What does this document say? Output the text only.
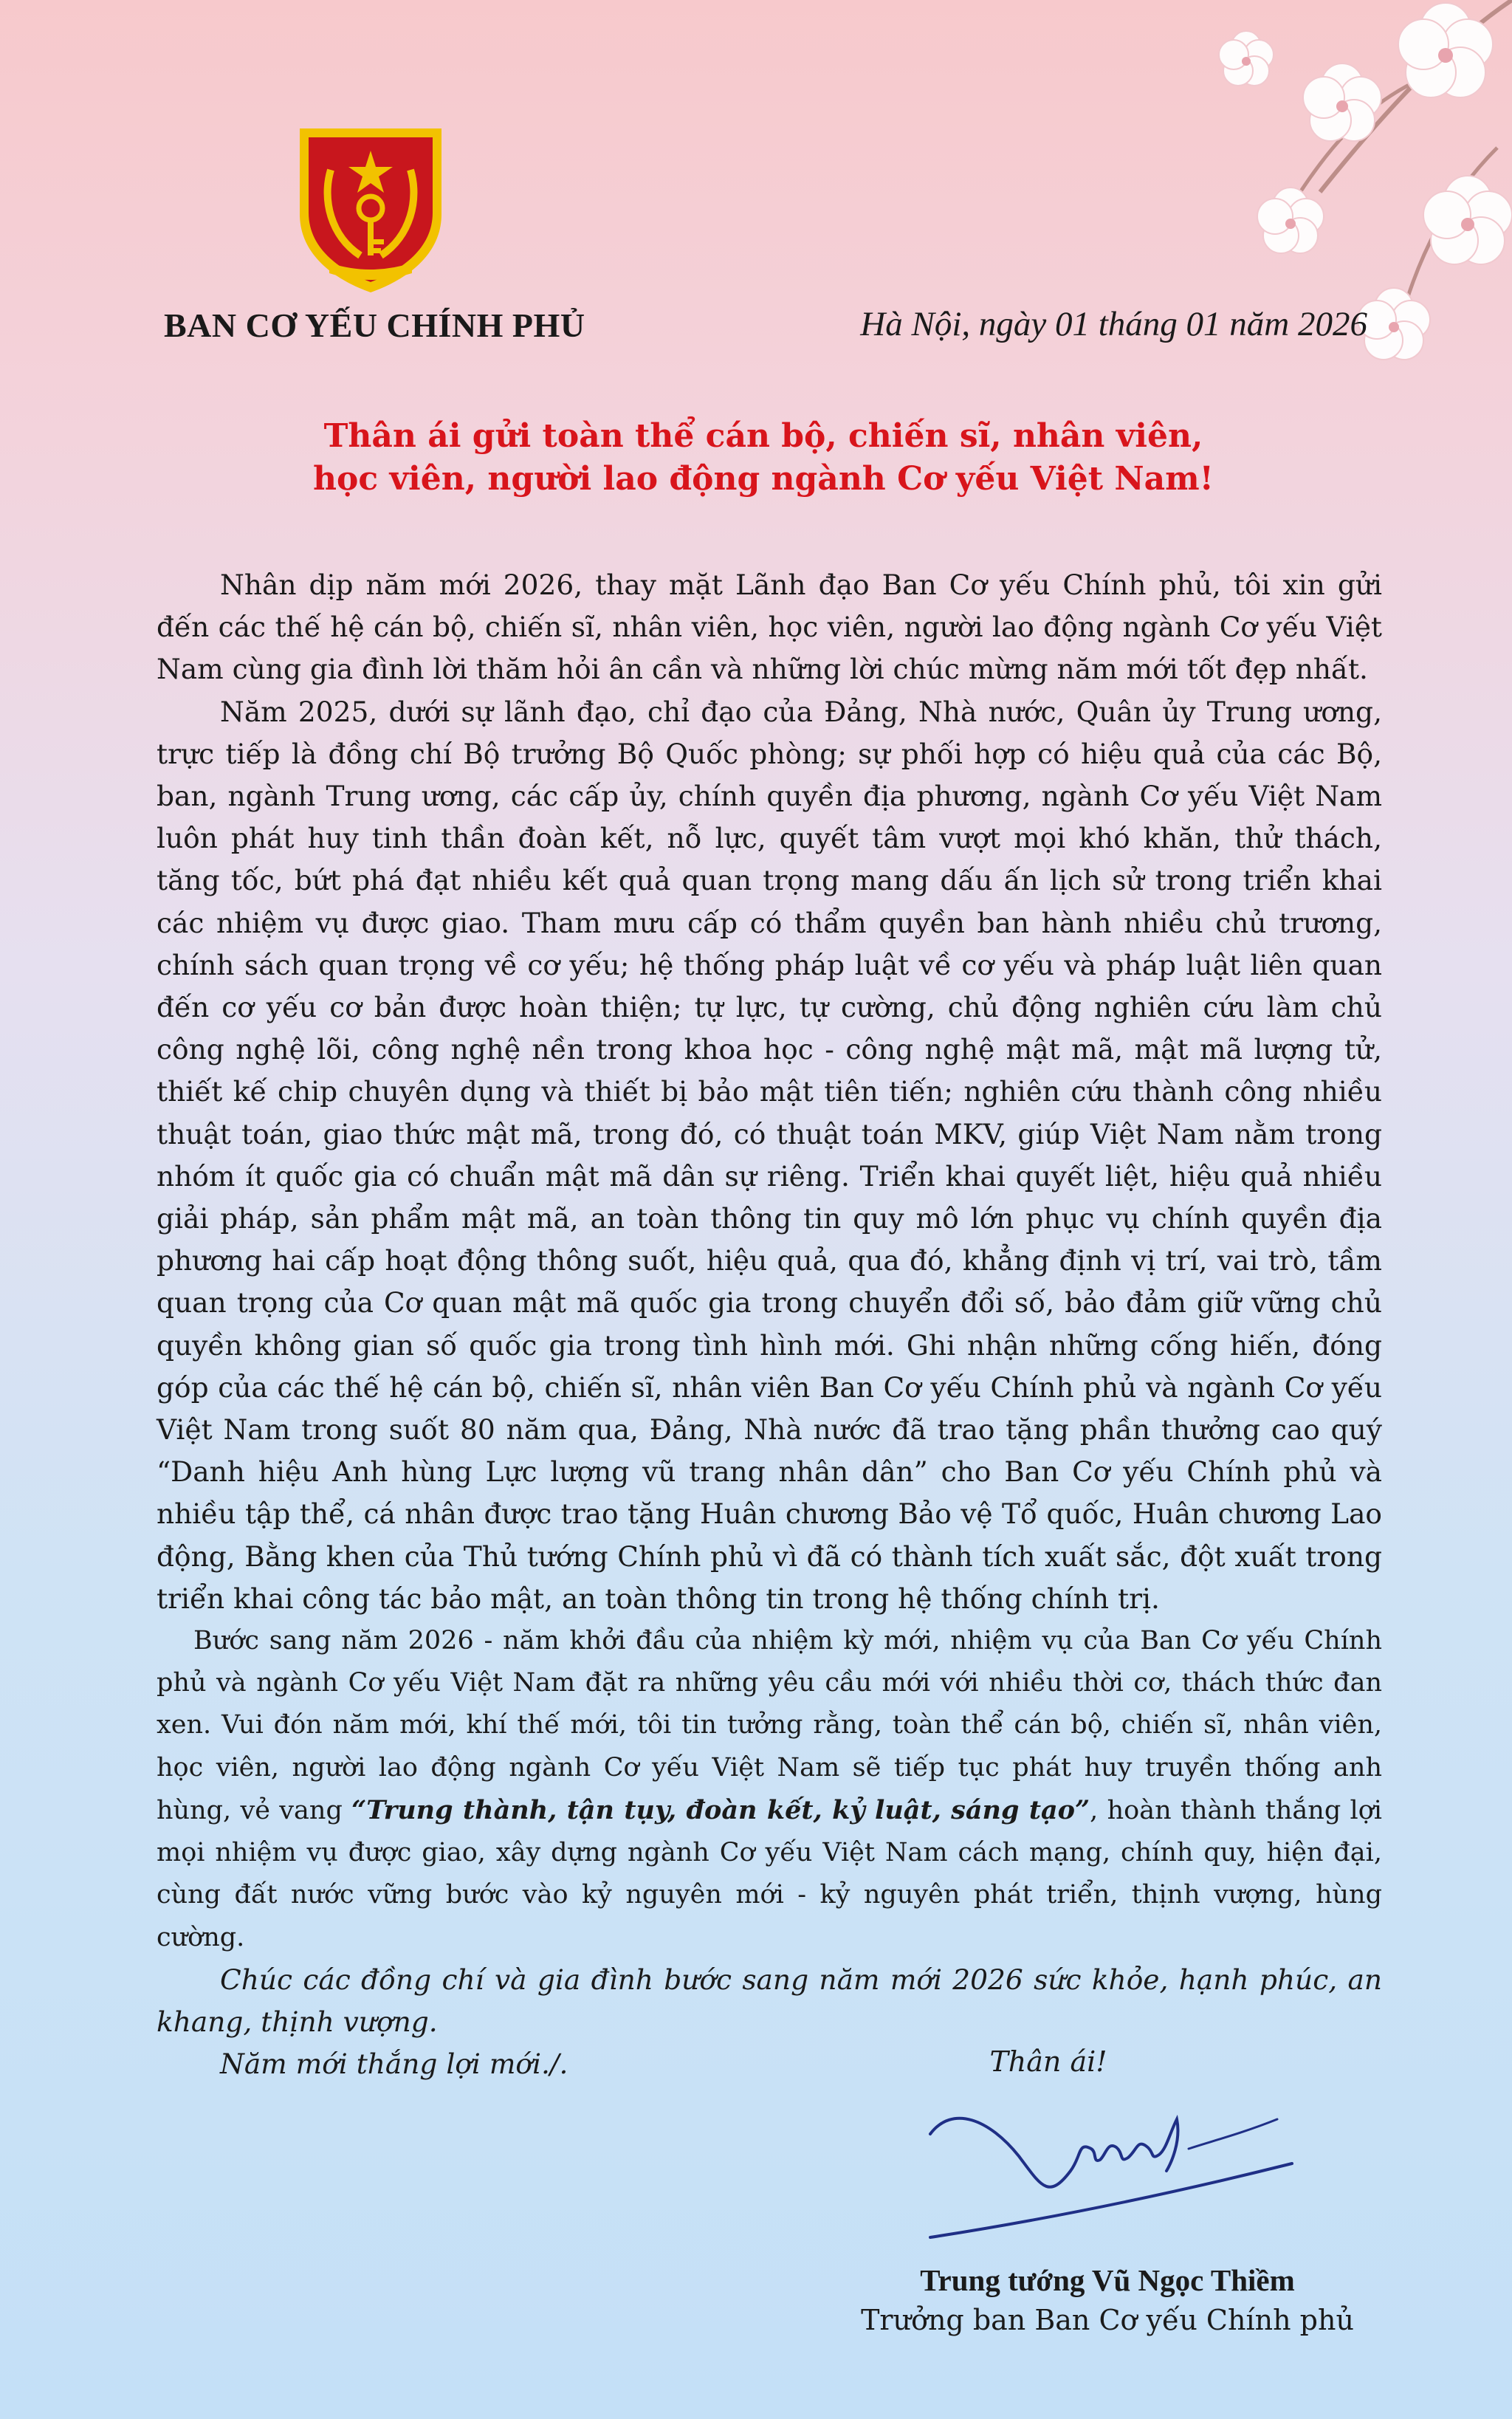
BAN CƠ YẾU CHÍNH PHỦ	Hà Nội, ngày 01 tháng 01 năm 2026
Thân ái gửi toàn thể cán bộ, chiến sĩ, nhân viên,
học viên, người lao động ngành Cơ yếu Việt Nam!

Nhân dịp năm mới 2026, thay mặt Lãnh đạo Ban Cơ yếu Chính phủ, tôi xin gửi đến các thế hệ cán bộ, chiến sĩ, nhân viên, học viên, người lao động ngành Cơ yếu Việt Nam cùng gia đình lời thăm hỏi ân cần và những lời chúc mừng năm mới tốt đẹp nhất.

Năm 2025, dưới sự lãnh đạo, chỉ đạo của Đảng, Nhà nước, Quân ủy Trung ương, trực tiếp là đồng chí Bộ trưởng Bộ Quốc phòng; sự phối hợp có hiệu quả của các Bộ, ban, ngành Trung ương, các cấp ủy, chính quyền địa phương, ngành Cơ yếu Việt Nam luôn phát huy tinh thần đoàn kết, nỗ lực, quyết tâm vượt mọi khó khăn, thử thách, tăng tốc, bứt phá đạt nhiều kết quả quan trọng mang dấu ấn lịch sử trong triển khai các nhiệm vụ được giao. Tham mưu cấp có thẩm quyền ban hành nhiều chủ trương, chính sách quan trọng về cơ yếu; hệ thống pháp luật về cơ yếu và pháp luật liên quan đến cơ yếu cơ bản được hoàn thiện; tự lực, tự cường, chủ động nghiên cứu làm chủ công nghệ lõi, công nghệ nền trong khoa học - công nghệ mật mã, mật mã lượng tử, thiết kế chip chuyên dụng và thiết bị bảo mật tiên tiến; nghiên cứu thành công nhiều thuật toán, giao thức mật mã, trong đó, có thuật toán MKV, giúp Việt Nam nằm trong nhóm ít quốc gia có chuẩn mật mã dân sự riêng. Triển khai quyết liệt, hiệu quả nhiều giải pháp, sản phẩm mật mã, an toàn thông tin quy mô lớn phục vụ chính quyền địa phương hai cấp hoạt động thông suốt, hiệu quả, qua đó, khẳng định vị trí, vai trò, tầm quan trọng của Cơ quan mật mã quốc gia trong chuyển đổi số, bảo đảm giữ vững chủ quyền không gian số quốc gia trong tình hình mới. Ghi nhận những cống hiến, đóng góp của các thế hệ cán bộ, chiến sĩ, nhân viên Ban Cơ yếu Chính phủ và ngành Cơ yếu Việt Nam trong suốt 80 năm qua, Đảng, Nhà nước đã trao tặng phần thưởng cao quý “Danh hiệu Anh hùng Lực lượng vũ trang nhân dân” cho Ban Cơ yếu Chính phủ và nhiều tập thể, cá nhân được trao tặng Huân chương Bảo vệ Tổ quốc, Huân chương Lao động, Bằng khen của Thủ tướng Chính phủ vì đã có thành tích xuất sắc, đột xuất trong triển khai công tác bảo mật, an toàn thông tin trong hệ thống chính trị.

Bước sang năm 2026 - năm khởi đầu của nhiệm kỳ mới, nhiệm vụ của Ban Cơ yếu Chính phủ và ngành Cơ yếu Việt Nam đặt ra những yêu cầu mới với nhiều thời cơ, thách thức đan xen. Vui đón năm mới, khí thế mới, tôi tin tưởng rằng, toàn thể cán bộ, chiến sĩ, nhân viên, học viên, người lao động ngành Cơ yếu Việt Nam sẽ tiếp tục phát huy truyền thống anh hùng, vẻ vang “Trung thành, tận tụy, đoàn kết, kỷ luật, sáng tạo”, hoàn thành thắng lợi mọi nhiệm vụ được giao, xây dựng ngành Cơ yếu Việt Nam cách mạng, chính quy, hiện đại, cùng đất nước vững bước vào kỷ nguyên mới - kỷ nguyên phát triển, thịnh vượng, hùng cường.

Chúc các đồng chí và gia đình bước sang năm mới 2026 sức khỏe, hạnh phúc, an khang, thịnh vượng.

Năm mới thắng lợi mới./.	Thân ái!
Trung tướng Vũ Ngọc Thiềm
Trưởng ban Ban Cơ yếu Chính phủ
